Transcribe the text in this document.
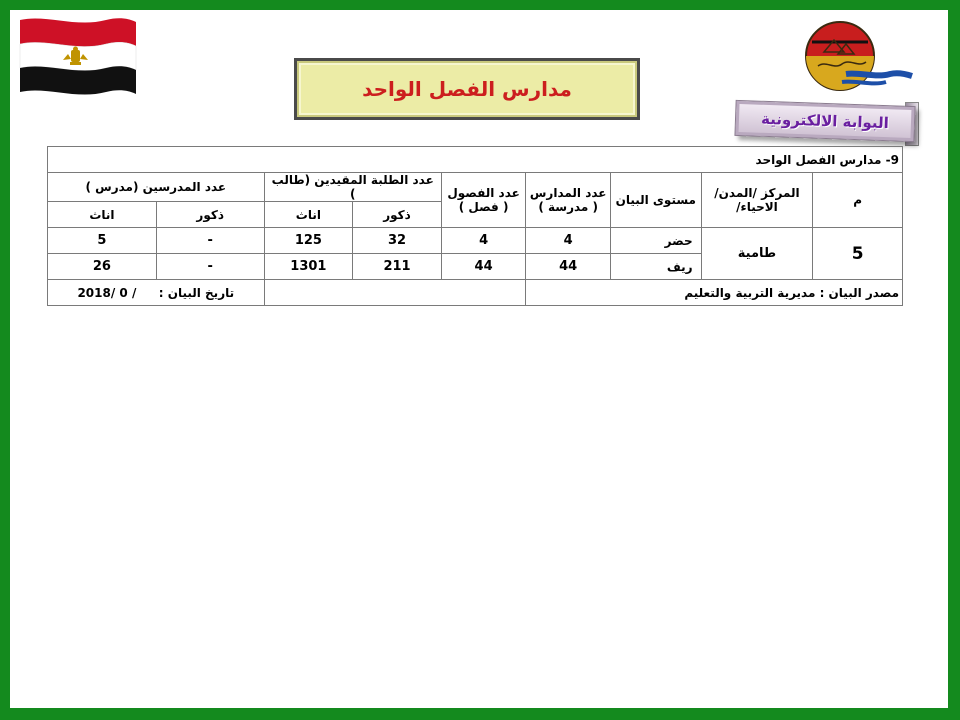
مدارس الفصل الواحد
البوابة الالكترونية
9- مدارس الفصل الواحد								
م	المركز /المدن/الاحياء/	مستوى البيان	عدد المدارس ( مدرسة )	عدد الفصول ( فصل )	عدد الطلبة المقيدين (طالب )		عدد المدرسين (مدرس )	
					ذكور	اناث	ذكور	اناث
5	طامية	حضر	4	4	32	125	-	5
		ريف	44	44	211	1301	-	26
مصدر البيان : مديرية التربية والتعليم							تاريخ البيان :  / 0 /2018	
